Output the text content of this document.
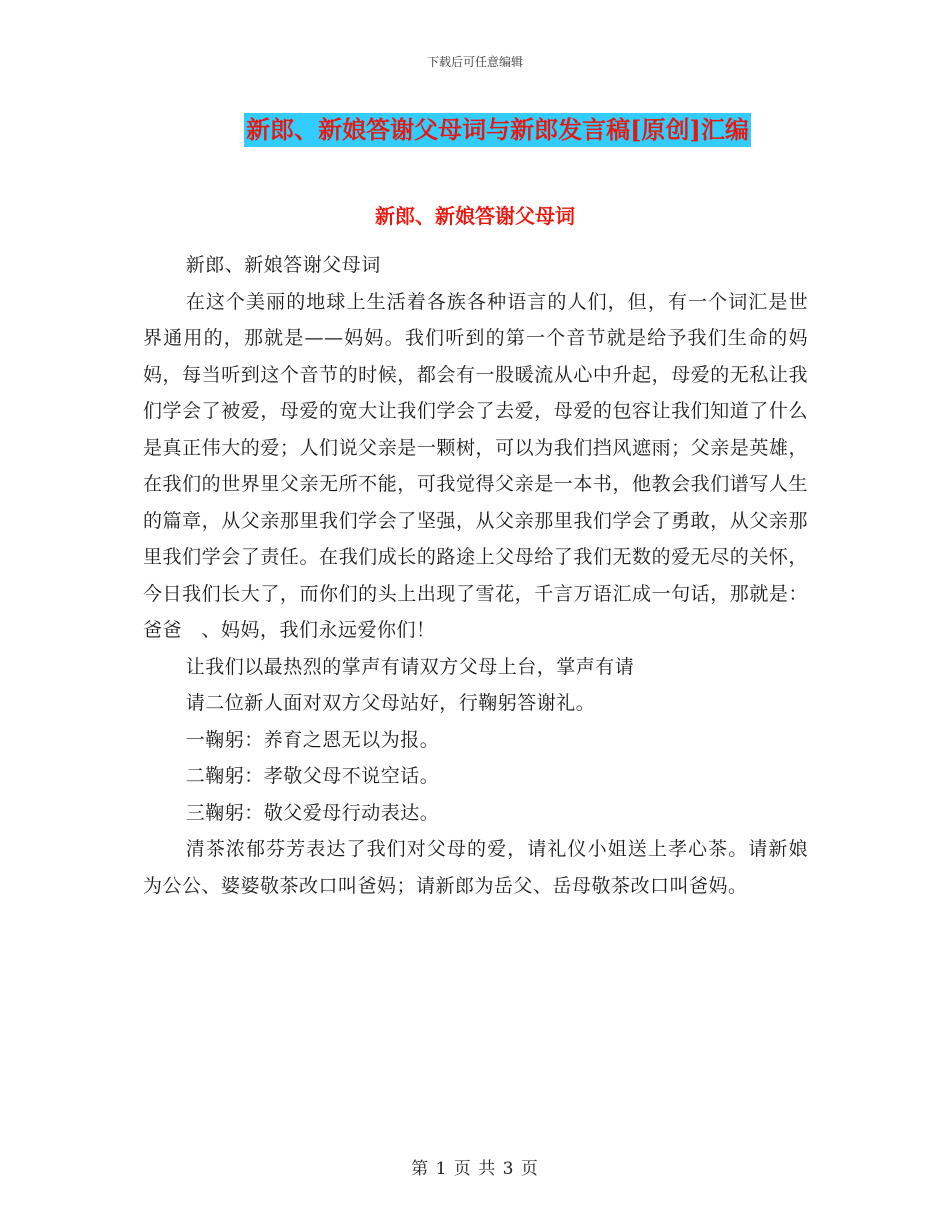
下载后可任意编辑
新郎、新娘答谢父母词与新郎发言稿[原创]汇编
新郎、新娘答谢父母词

新郎、新娘答谢父母词

在这个美丽的地球上生活着各族各种语言的人们，但，有一个词汇是世界通用的，那就是——妈妈。我们听到的第一个音节就是给予我们生命的妈妈，每当听到这个音节的时候，都会有一股暖流从心中升起，母爱的无私让我们学会了被爱，母爱的宽大让我们学会了去爱，母爱的包容让我们知道了什么是真正伟大的爱；人们说父亲是一颗树，可以为我们挡风遮雨；父亲是英雄，在我们的世界里父亲无所不能，可我觉得父亲是一本书，他教会我们谱写人生的篇章，从父亲那里我们学会了坚强，从父亲那里我们学会了勇敢，从父亲那里我们学会了责任。在我们成长的路途上父母给了我们无数的爱无尽的关怀，今日我们长大了，而你们的头上出现了雪花，千言万语汇成一句话，那就是：爸爸　、妈妈，我们永远爱你们！

让我们以最热烈的掌声有请双方父母上台，掌声有请

请二位新人面对双方父母站好，行鞠躬答谢礼。

一鞠躬：养育之恩无以为报。

二鞠躬：孝敬父母不说空话。

三鞠躬：敬父爱母行动表达。

清茶浓郁芬芳表达了我们对父母的爱，请礼仪小姐送上孝心茶。请新娘为公公、婆婆敬茶改口叫爸妈；请新郎为岳父、岳母敬茶改口叫爸妈。

第 1 页 共 3 页
